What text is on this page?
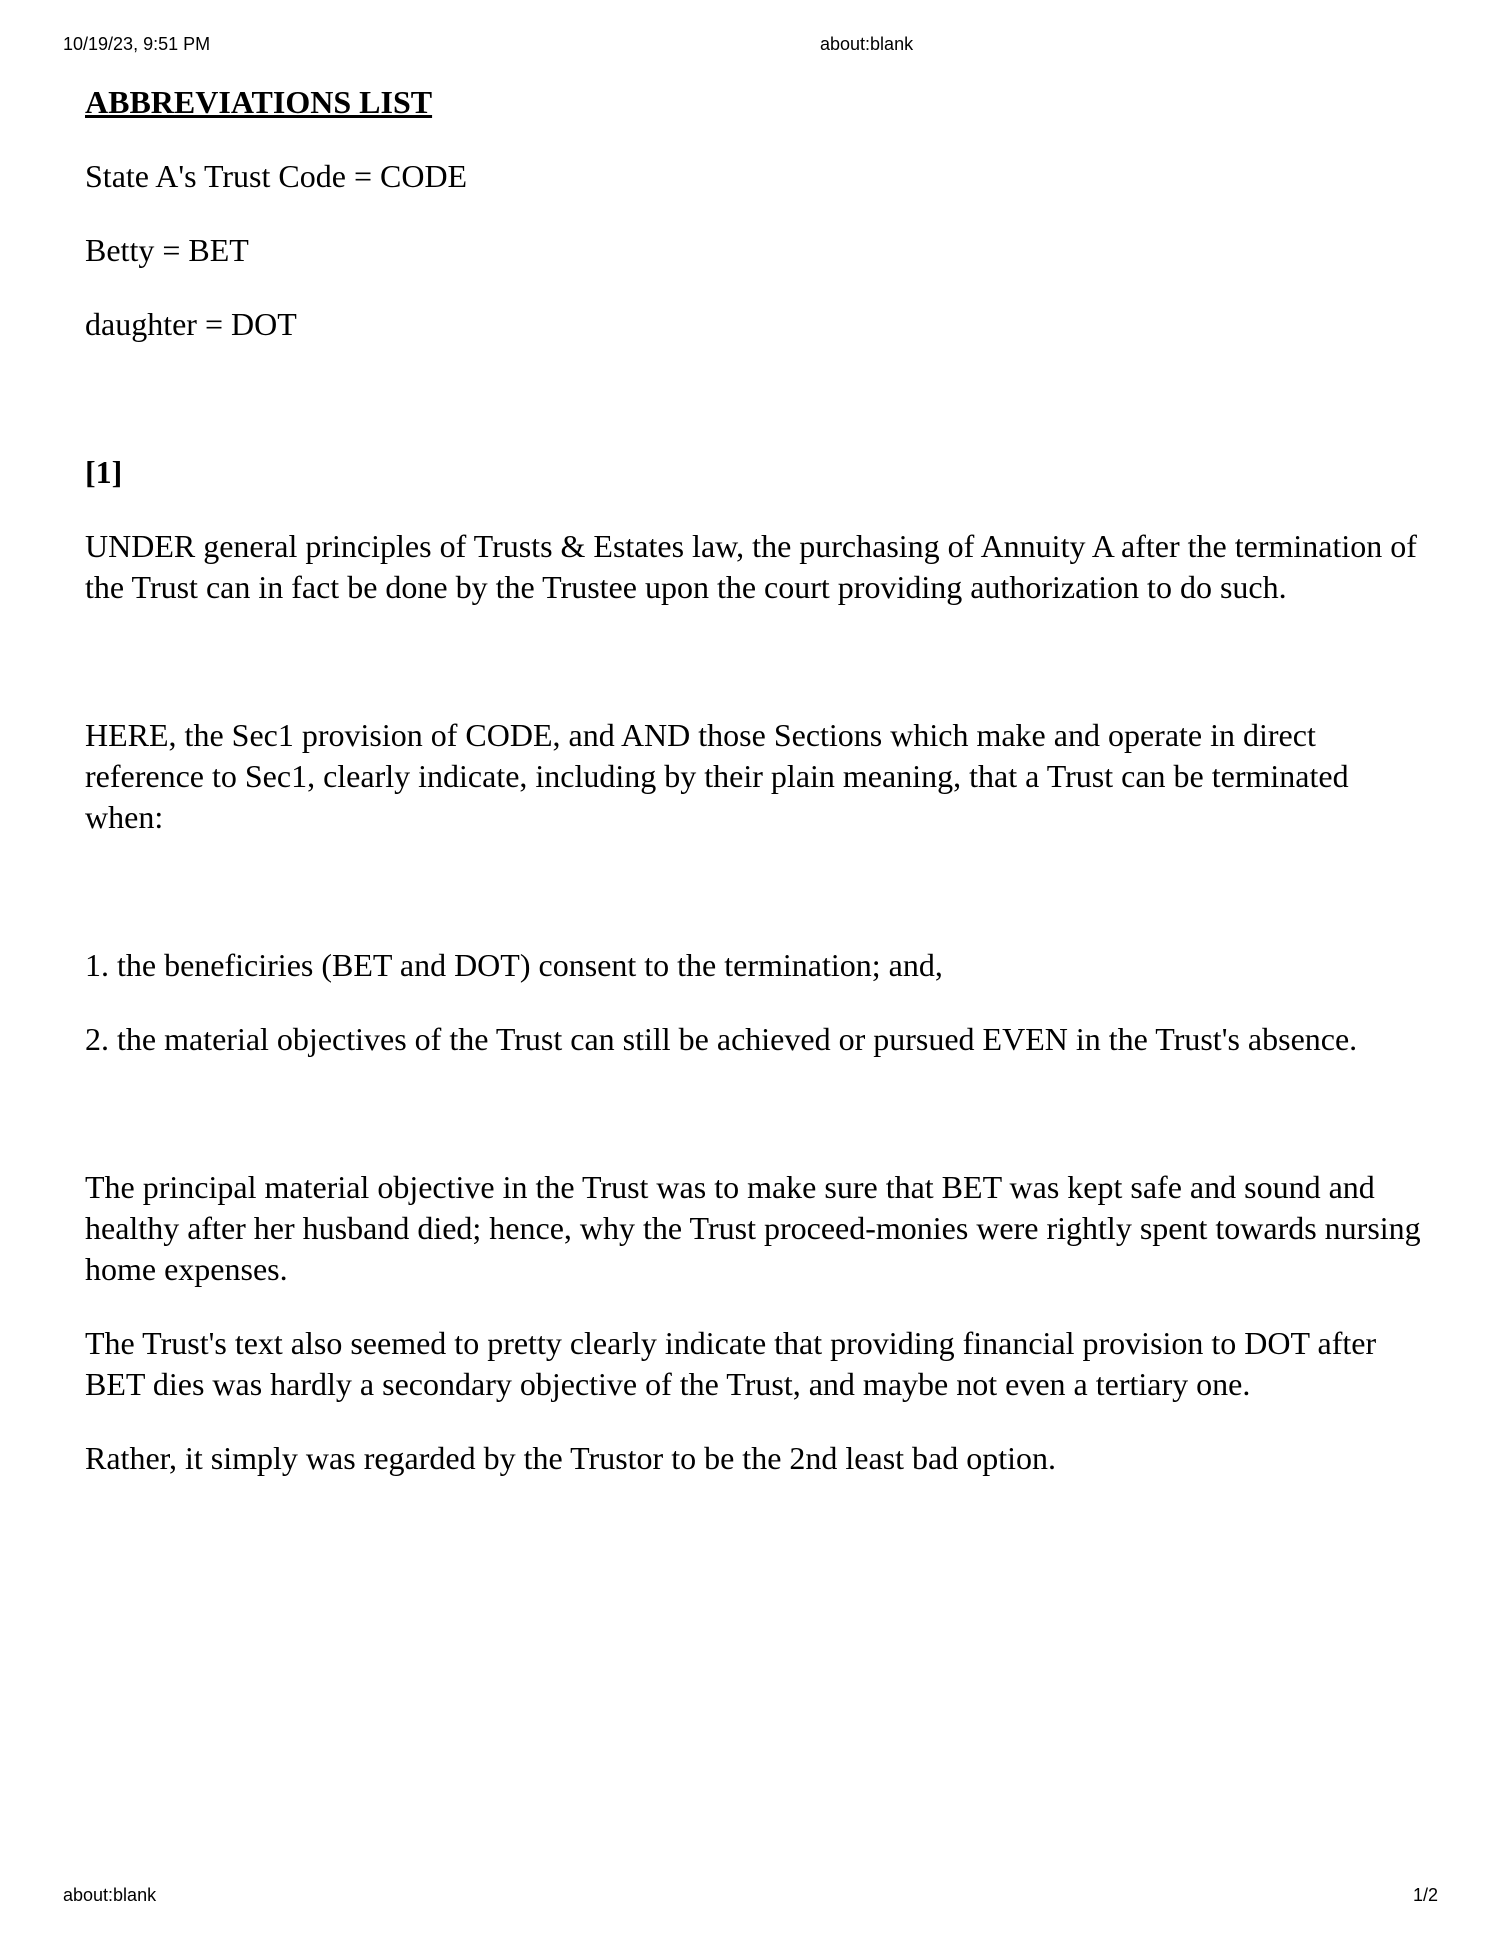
10/19/23, 9:51 PM	about:blank
ABBREVIATIONS LIST

State A's Trust Code = CODE

Betty = BET

daughter = DOT

[1]

UNDER general principles of Trusts & Estates law, the purchasing of Annuity A after the termination of the Trust can in fact be done by the Trustee upon the court providing authorization to do such.

HERE, the Sec1 provision of CODE, and AND those Sections which make and operate in direct reference to Sec1, clearly indicate, including by their plain meaning, that a Trust can be terminated when:

1. the beneficiries (BET and DOT) consent to the termination; and,

2. the material objectives of the Trust can still be achieved or pursued EVEN in the Trust's absence.

The principal material objective in the Trust was to make sure that BET was kept safe and sound and healthy after her husband died; hence, why the Trust proceed-monies were rightly spent towards nursing home expenses.

The Trust's text also seemed to pretty clearly indicate that providing financial provision to DOT after BET dies was hardly a secondary objective of the Trust, and maybe not even a tertiary one.

Rather, it simply was regarded by the Trustor to be the 2nd least bad option.

about:blank	1/2
